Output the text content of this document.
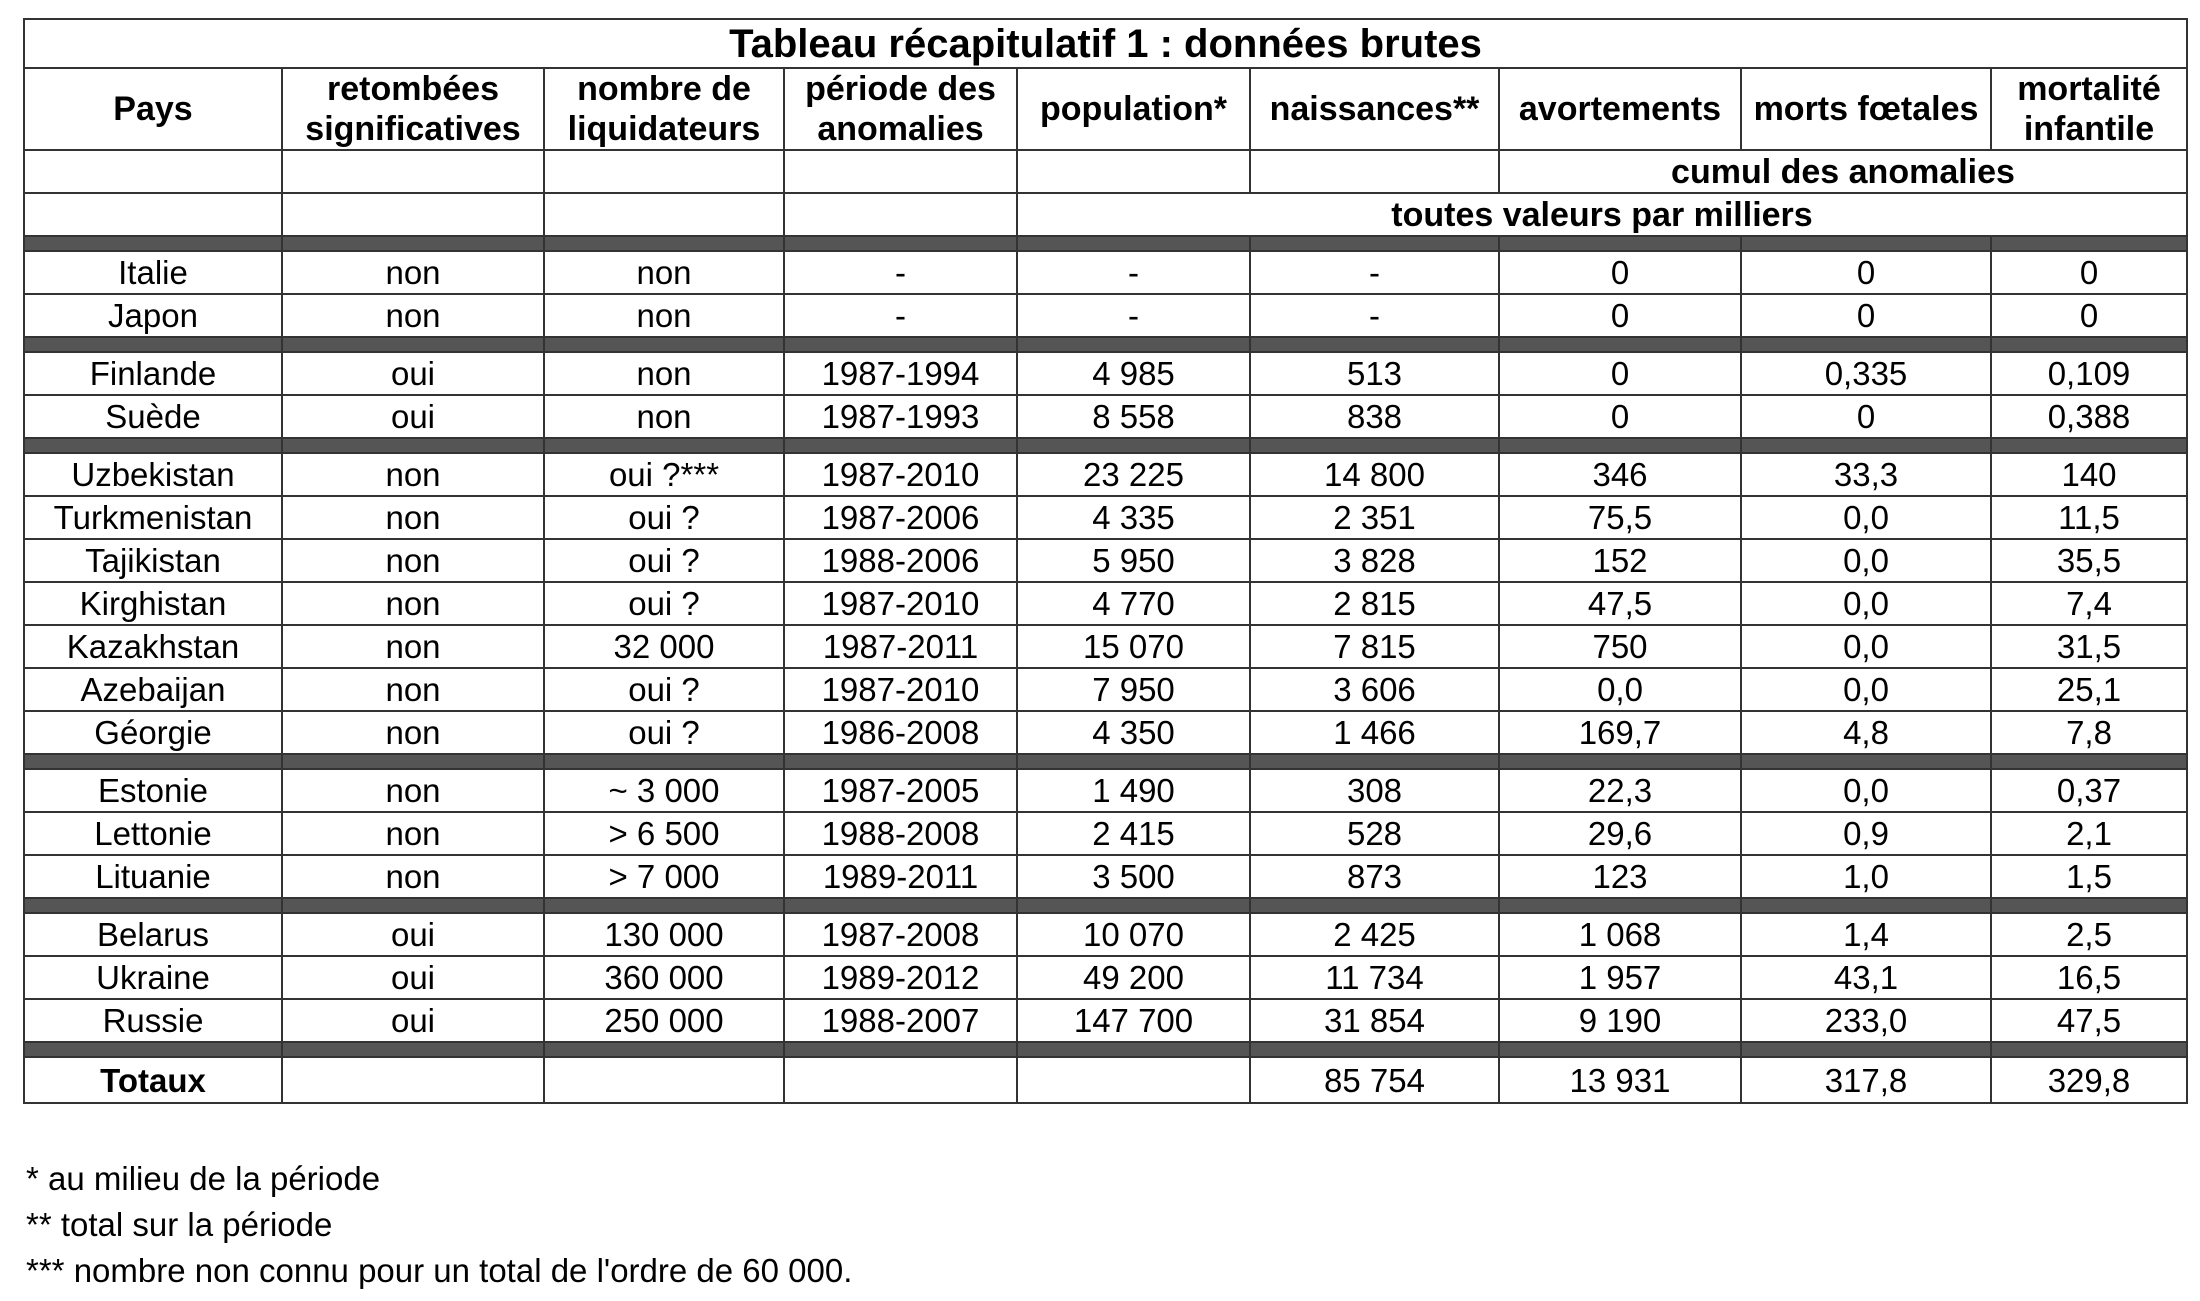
Tableau récapitulatif 1 : données brutes								
Pays	retombées significatives	nombre de liquidateurs	période des anomalies	population*	naissances**	avortements	morts fœtales	mortalité infantile
						cumul des anomalies		
				toutes valeurs par milliers				

Italie	non	non	-	-	-	0	0	0
Japon	non	non	-	-	-	0	0	0

Finlande	oui	non	1987-1994	4 985	513	0	0,335	0,109
Suède	oui	non	1987-1993	8 558	838	0	0	0,388

Uzbekistan	non	oui ?***	1987-2010	23 225	14 800	346	33,3	140
Turkmenistan	non	oui ?	1987-2006	4 335	2 351	75,5	0,0	11,5
Tajikistan	non	oui ?	1988-2006	5 950	3 828	152	0,0	35,5
Kirghistan	non	oui ?	1987-2010	4 770	2 815	47,5	0,0	7,4
Kazakhstan	non	32 000	1987-2011	15 070	7 815	750	0,0	31,5
Azebaijan	non	oui ?	1987-2010	7 950	3 606	0,0	0,0	25,1
Géorgie	non	oui ?	1986-2008	4 350	1 466	169,7	4,8	7,8

Estonie	non	~ 3 000	1987-2005	1 490	308	22,3	0,0	0,37
Lettonie	non	> 6 500	1988-2008	2 415	528	29,6	0,9	2,1
Lituanie	non	> 7 000	1989-2011	3 500	873	123	1,0	1,5

Belarus	oui	130 000	1987-2008	10 070	2 425	1 068	1,4	2,5
Ukraine	oui	360 000	1989-2012	49 200	11 734	1 957	43,1	16,5
Russie	oui	250 000	1988-2007	147 700	31 854	9 190	233,0	47,5

Totaux					85 754	13 931	317,8	329,8
* au milieu de la période
** total sur la période
*** nombre non connu pour un total de l'ordre de 60 000.
